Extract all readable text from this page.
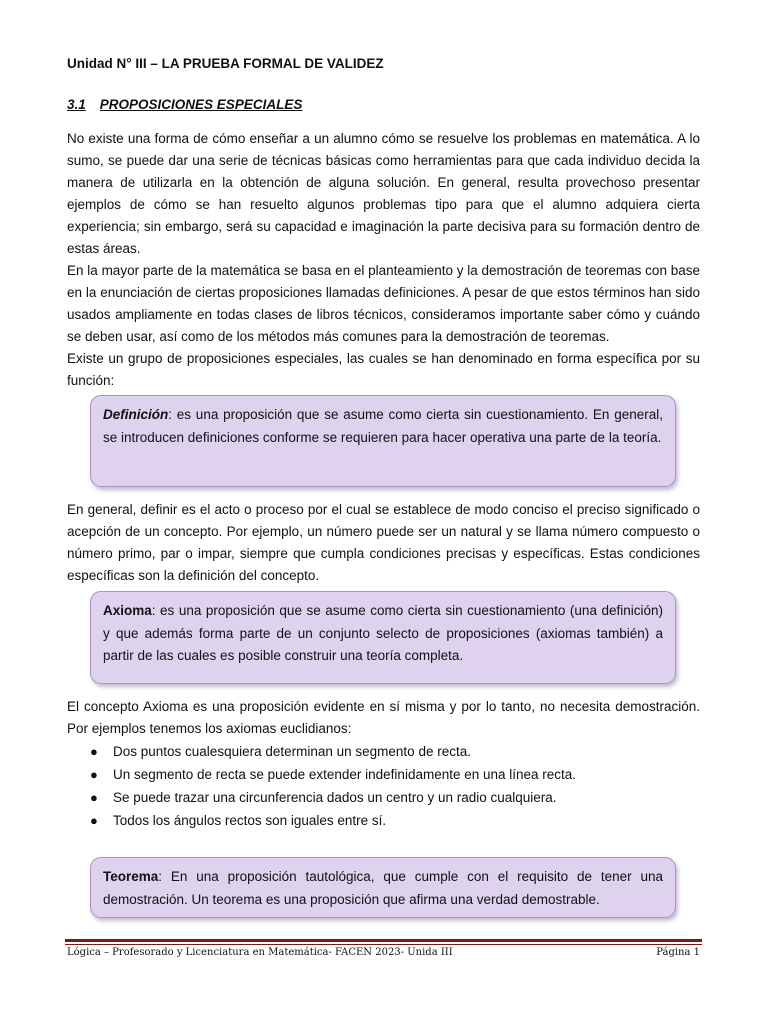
Unidad N° III – LA PRUEBA FORMAL DE VALIDEZ
3.1 PROPOSICIONES ESPECIALES

No existe una forma de cómo enseñar a un alumno cómo se resuelve los problemas en matemática. A lo sumo, se puede dar una serie de técnicas básicas como herramientas para que cada individuo decida la manera de utilizarla en la obtención de alguna solución. En general, resulta provechoso presentar ejemplos de cómo se han resuelto algunos problemas tipo para que el alumno adquiera cierta experiencia; sin embargo, será su capacidad e imaginación la parte decisiva para su formación dentro de estas áreas.

En la mayor parte de la matemática se basa en el planteamiento y la demostración de teoremas con base en la enunciación de ciertas proposiciones llamadas definiciones. A pesar de que estos términos han sido usados ampliamente en todas clases de libros técnicos, consideramos importante saber cómo y cuándo se deben usar, así como de los métodos más comunes para la demostración de teoremas.

Existe un grupo de proposiciones especiales, las cuales se han denominado en forma específica por su función:

Definición: es una proposición que se asume como cierta sin cuestionamiento. En general, se introducen definiciones conforme se requieren para hacer operativa una parte de la teoría.

En general, definir es el acto o proceso por el cual se establece de modo conciso el preciso significado o acepción de un concepto. Por ejemplo, un número puede ser un natural y se llama número compuesto o número primo, par o impar, siempre que cumpla condiciones precisas y específicas. Estas condiciones específicas son la definición del concepto.

Axioma: es una proposición que se asume como cierta sin cuestionamiento (una definición) y que además forma parte de un conjunto selecto de proposiciones (axiomas también) a partir de las cuales es posible construir una teoría completa.

El concepto Axioma es una proposición evidente en sí misma y por lo tanto, no necesita demostración. Por ejemplos tenemos los axiomas euclidianos:

● Dos puntos cualesquiera determinan un segmento de recta.
● Un segmento de recta se puede extender indefinidamente en una línea recta.
● Se puede trazar una circunferencia dados un centro y un radio cualquiera.
● Todos los ángulos rectos son iguales entre sí.

Teorema: En una proposición tautológica, que cumple con el requisito de tener una demostración. Un teorema es una proposición que afirma una verdad demostrable.

Lógica – Profesorado y Licenciatura en Matemática- FACEN 2023- Unida III	Página 1
